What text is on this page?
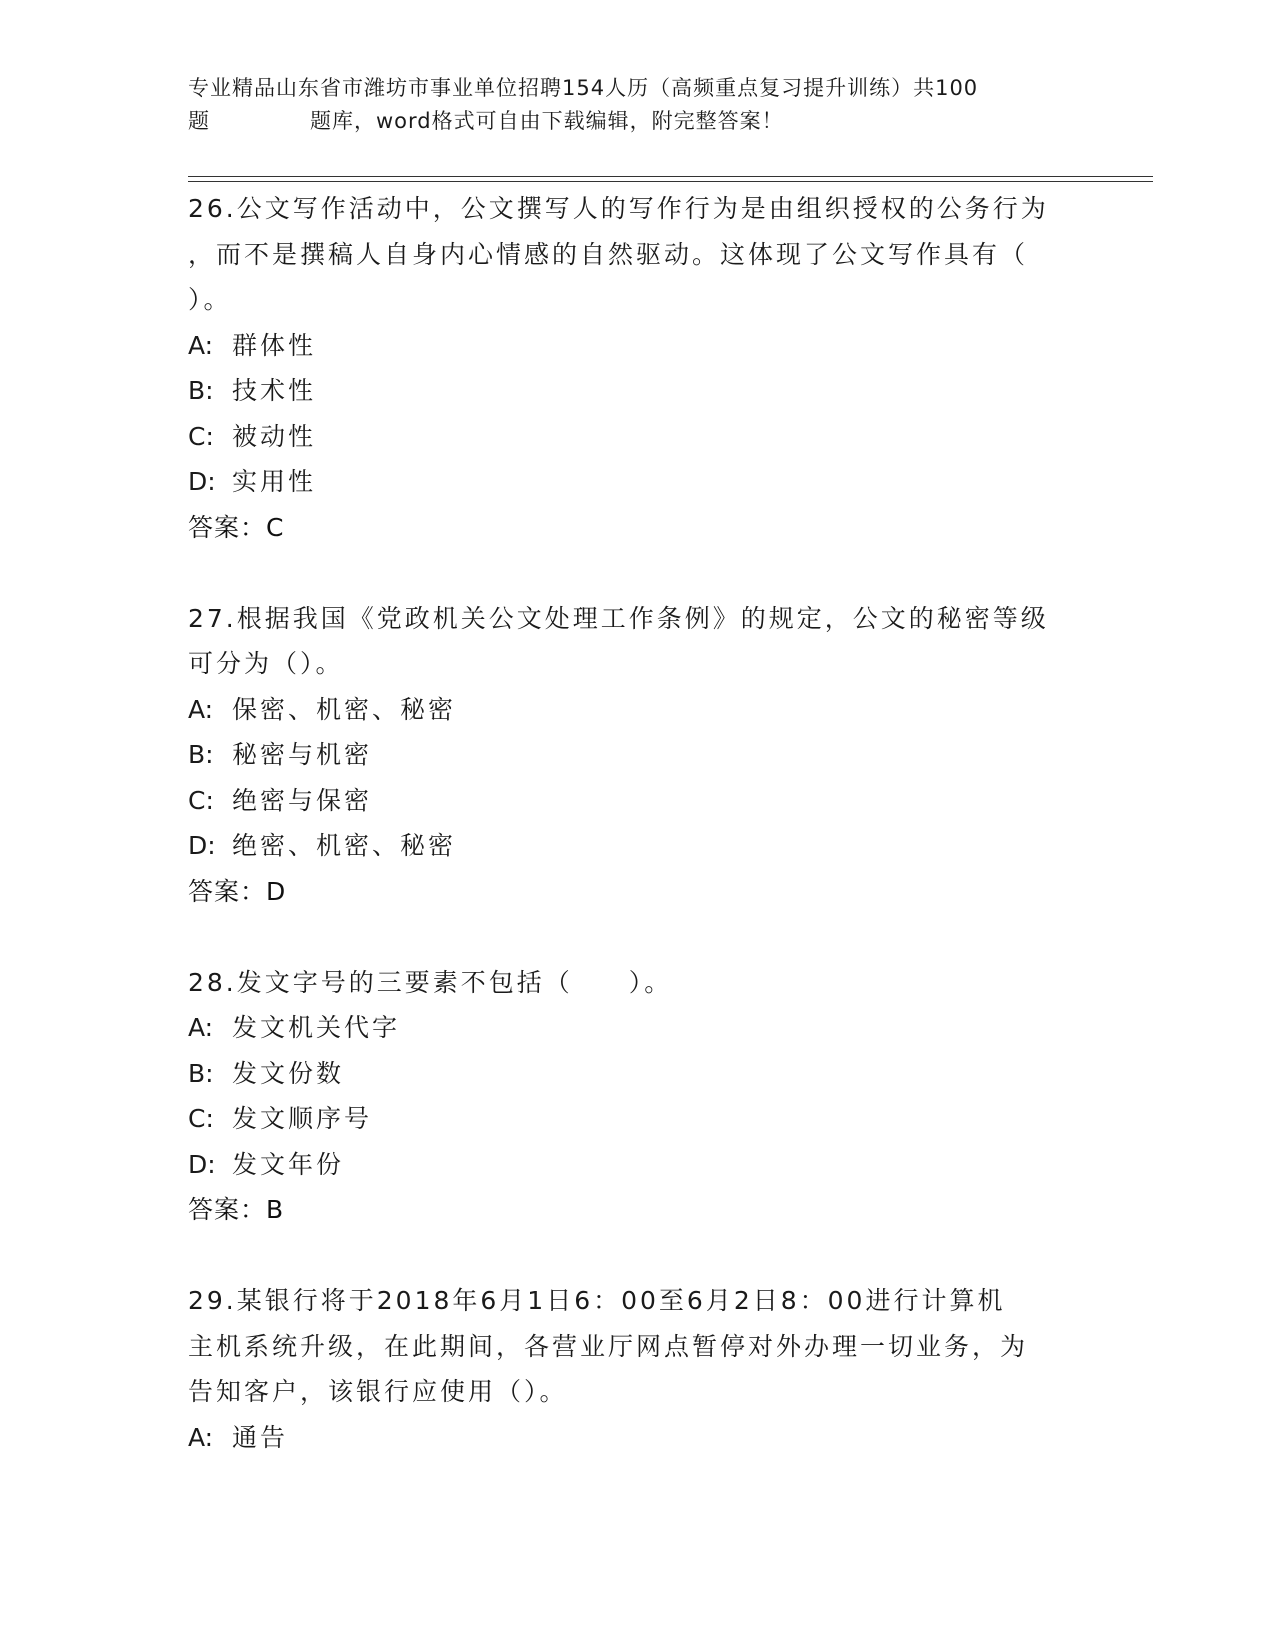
专业精品山东省市潍坊市事业单位招聘154人历（高频重点复习提升训练）共100
题	题库，word格式可自由下载编辑，附完整答案！
26.公文写作活动中，公文撰写人的写作行为是由组织授权的公务行为
，而不是撰稿人自身内心情感的自然驱动。这体现了公文写作具有（
）。
A: 群体性
B: 技术性
C: 被动性
D: 实用性
答案：C
27.根据我国《党政机关公文处理工作条例》的规定，公文的秘密等级
可分为（）。
A: 保密、机密、秘密
B: 秘密与机密
C: 绝密与保密
D: 绝密、机密、秘密
答案：D
28.发文字号的三要素不包括（　　）。
A: 发文机关代字
B: 发文份数
C: 发文顺序号
D: 发文年份
答案：B
29.某银行将于2018年6月1日6：00至6月2日8：00进行计算机
主机系统升级，在此期间，各营业厅网点暂停对外办理一切业务，为
告知客户，该银行应使用（）。
A: 通告
